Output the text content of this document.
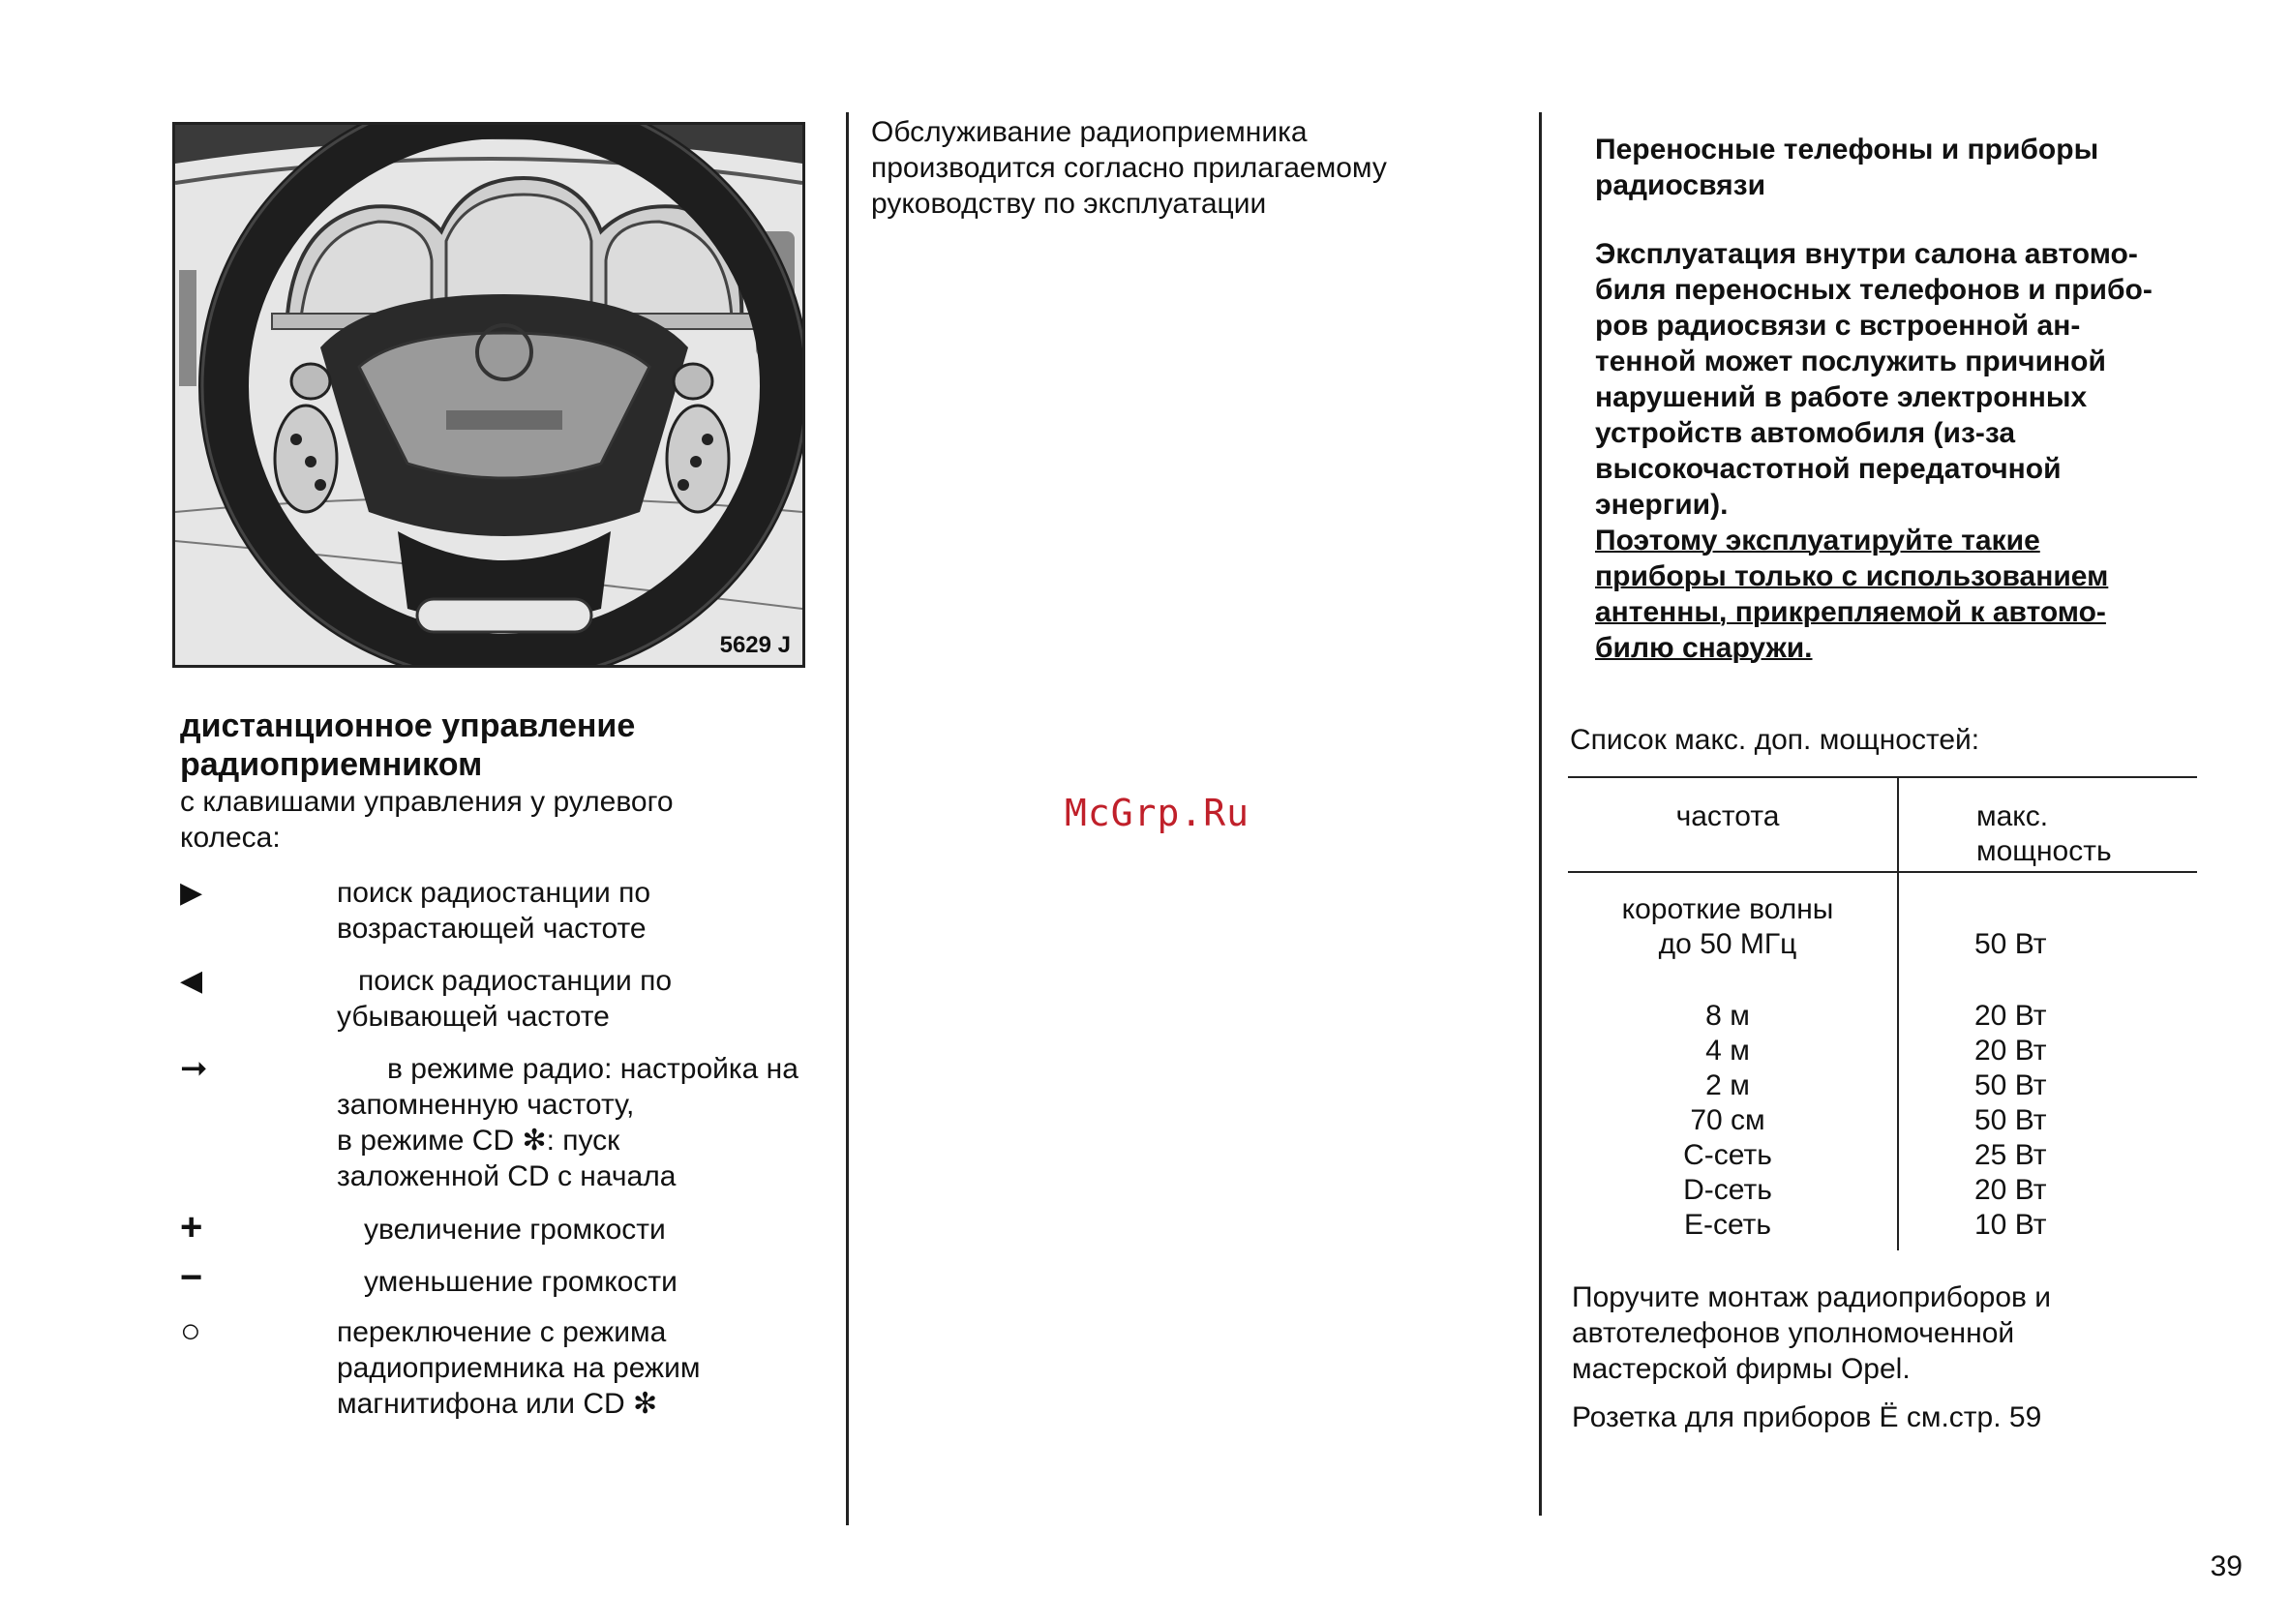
5629 J
дистанционное управление
радиоприемником
с клавишами управления у рулевого
колеса:
▶	поиск радиостанции по
возрастающей частоте
◀	поиск радиостанции по
убывающей частоте
➞	в режиме радио: настройка на
запомненную частоту,
в режиме CD ✻: пуск
заложенной CD с начала
+	увеличение громкости
−	уменьшение громкости
○	переключение с режима
радиоприемника на режим
магнитифона или CD ✻
Обслуживание радиоприемника
производится согласно прилагаемому
руководству по эксплуатации
McGrp.Ru
Переносные телефоны и приборы
радиосвязи
Эксплуатация внутри салона автомо-
биля переносных телефонов и прибо-
ров радиосвязи с встроенной ан-
тенной может послужить причиной
нарушений в работе электронных
устройств автомобиля (из-за
высокочастотной передаточной
энергии).
Поэтому эксплуатируйте такие
приборы только с использованием
антенны, прикрепляемой к автомо-
билю снаружи.
Список макс. доп. мощностей:
частота	макс.
мощность
короткие волны
до 50 МГц	50 Вт
8 м	20 Вт
4 м	20 Вт
2 м	50 Вт
70 см	50 Вт
С-сеть	25 Вт
D-сеть	20 Вт
Е-сеть	10 Вт
Поручите монтаж радиоприборов и
автотелефонов уполномоченной
мастерской фирмы Opel.
Розетка для приборов Ё см.стр. 59
39
